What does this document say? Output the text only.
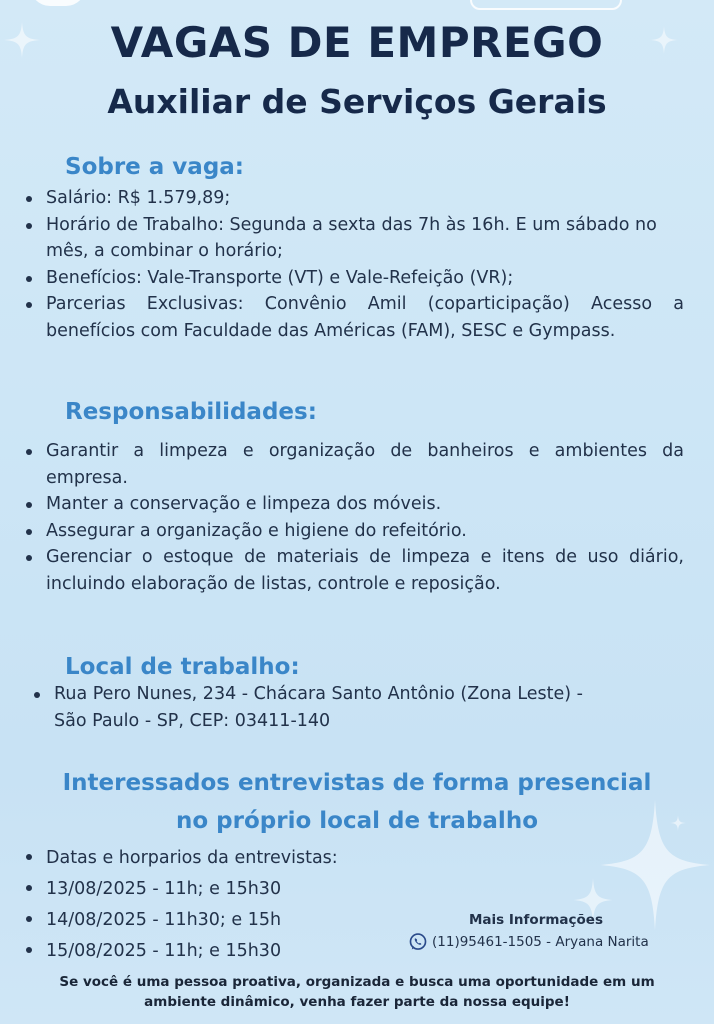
VAGAS DE EMPREGO
Auxiliar de Serviços Gerais
Sobre a vaga:
Salário: R$ 1.579,89;
Horário de Trabalho: Segunda a sexta das 7h às 16h. E um sábado no mês, a combinar o horário;
Benefícios: Vale-Transporte (VT) e Vale-Refeição (VR);
Parcerias Exclusivas: Convênio Amil (coparticipação) Acesso a benefícios com Faculdade das Américas (FAM), SESC e Gympass.
Responsabilidades:
Garantir a limpeza e organização de banheiros e ambientes da empresa.
Manter a conservação e limpeza dos móveis.
Assegurar a organização e higiene do refeitório.
Gerenciar o estoque de materiais de limpeza e itens de uso diário, incluindo elaboração de listas, controle e reposição.
Local de trabalho:
Rua Pero Nunes, 234 - Chácara Santo Antônio (Zona Leste) -
São Paulo - SP, CEP: 03411-140
Interessados entrevistas de forma presencial
no próprio local de trabalho
Datas e horparios da entrevistas:
13/08/2025 - 11h; e 15h30
14/08/2025 - 11h30; e 15h
15/08/2025 - 11h; e 15h30
Mais Informações
(11)95461-1505 - Aryana Narita
Se você é uma pessoa proativa, organizada e busca uma oportunidade em um
ambiente dinâmico, venha fazer parte da nossa equipe!
